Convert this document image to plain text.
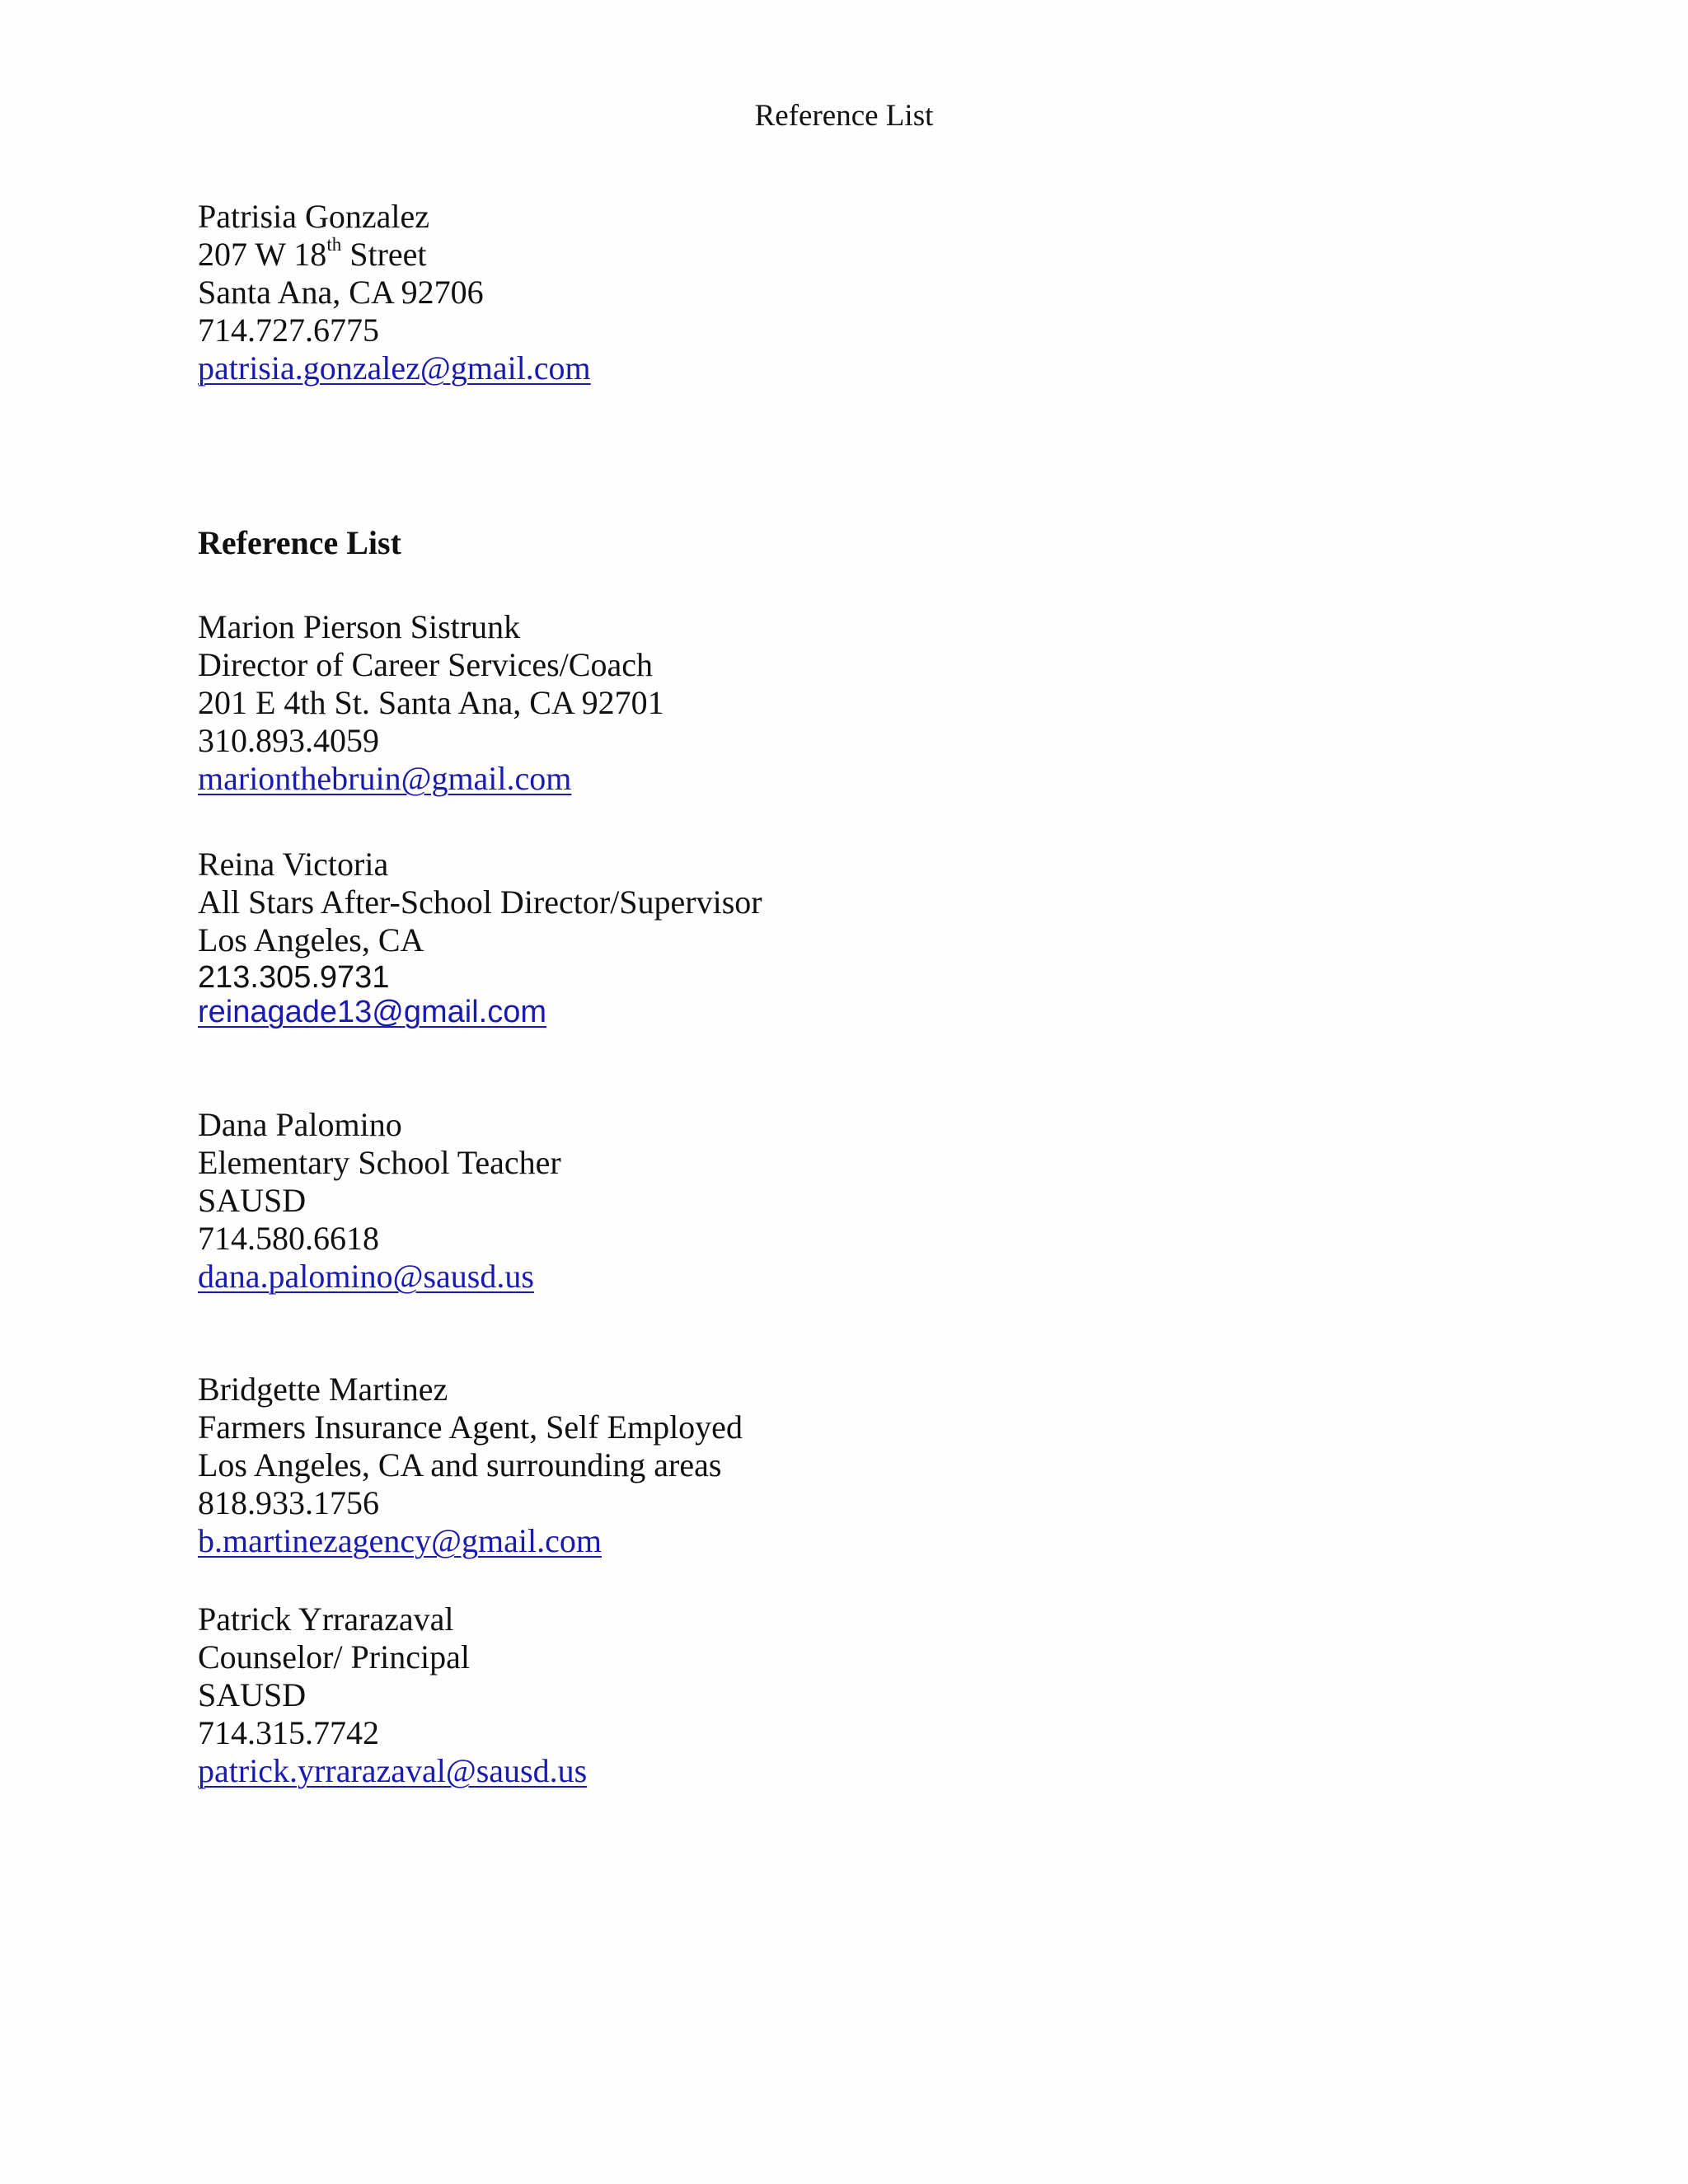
Reference List
Patrisia Gonzalez
207 W 18th Street
Santa Ana, CA 92706
714.727.6775
patrisia.gonzalez@gmail.com
Reference List
Marion Pierson Sistrunk
Director of Career Services/Coach
201 E 4th St. Santa Ana, CA 92701
310.893.4059
marionthebruin@gmail.com
Reina Victoria
All Stars After-School Director/Supervisor
Los Angeles, CA
213.305.9731
reinagade13@gmail.com
Dana Palomino
Elementary School Teacher
SAUSD
714.580.6618
dana.palomino@sausd.us
Bridgette Martinez
Farmers Insurance Agent, Self Employed
Los Angeles, CA and surrounding areas
818.933.1756
b.martinezagency@gmail.com
Patrick Yrrarazaval
Counselor/ Principal
SAUSD
714.315.7742
patrick.yrrarazaval@sausd.us
